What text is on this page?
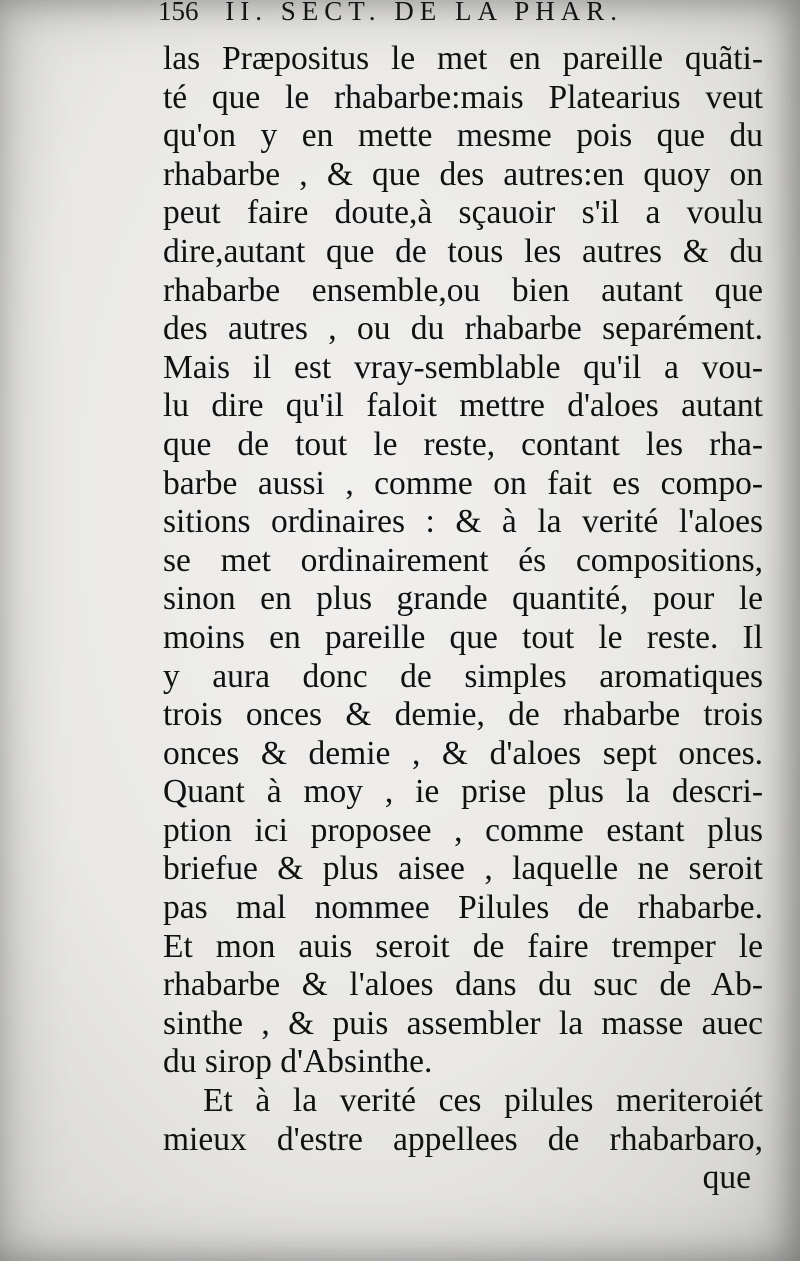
156 II. SECT. DE LA PHAR.
las Præpositus le met en pareille quãti-
té que le rhabarbe:mais Platearius veut
qu'on y en mette mesme pois que du
rhabarbe , & que des autres:en quoy on
peut faire doute,à sçauoir s'il a voulu
dire,autant que de tous les autres & du
rhabarbe ensemble,ou bien autant que
des autres , ou du rhabarbe separément.
Mais il est vray-semblable qu'il a vou-
lu dire qu'il faloit mettre d'aloes autant
que de tout le reste, contant les rha-
barbe aussi , comme on fait es compo-
sitions ordinaires : & à la verité l'aloes
se met ordinairement és compositions,
sinon en plus grande quantité, pour le
moins en pareille que tout le reste. Il
y aura donc de simples aromatiques
trois onces & demie, de rhabarbe trois
onces & demie , & d'aloes sept onces.
Quant à moy , ie prise plus la descri-
ption ici proposee , comme estant plus
briefue & plus aisee , laquelle ne seroit
pas mal nommee Pilules de rhabarbe.
Et mon auis seroit de faire tremper le
rhabarbe & l'aloes dans du suc de Ab-
sinthe , & puis assembler la masse auec
du sirop d'Absinthe.
Et à la verité ces pilules meriteroiét
mieux d'estre appellees de rhabarbaro,
que
